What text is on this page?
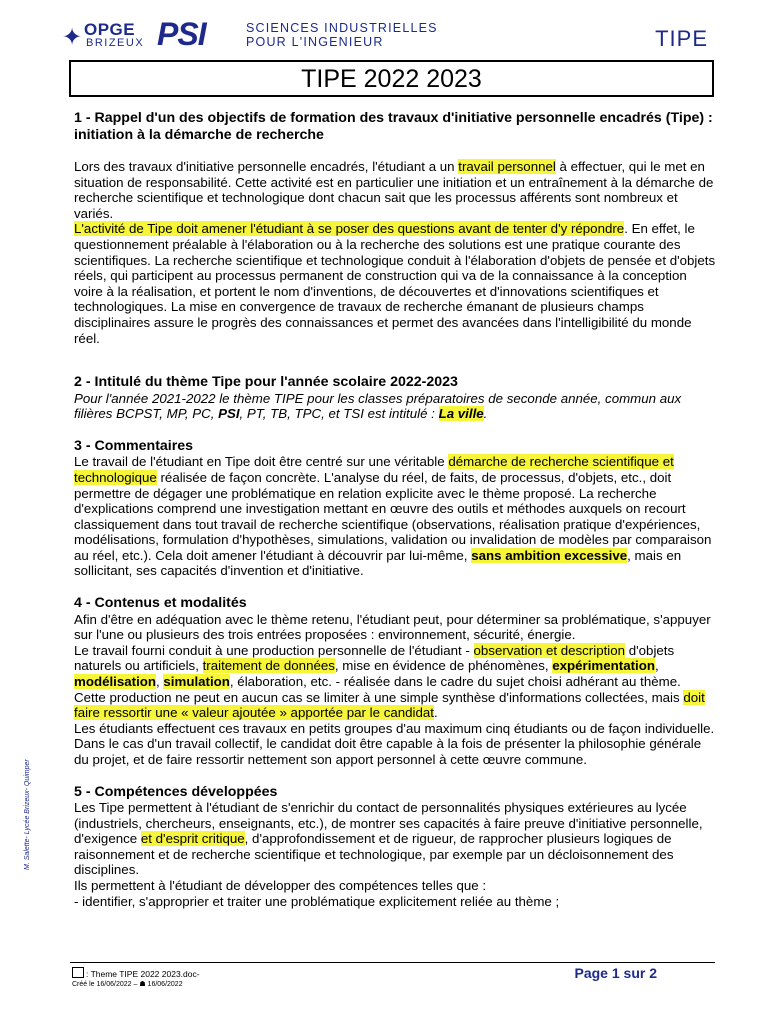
✦ OPGE
BRIZEUX PSI	SCIENCES INDUSTRIELLES
POUR L'INGENIEUR	TIPE
TIPE 2022 2023
1 - Rappel d'un des objectifs de formation des travaux d'initiative personnelle encadrés (Tipe) : initiation à la démarche de recherche

Lors des travaux d'initiative personnelle encadrés, l'étudiant a un travail personnel à effectuer, qui le met en situation de responsabilité. Cette activité est en particulier une initiation et un entraînement à la démarche de recherche scientifique et technologique dont chacun sait que les processus afférents sont nombreux et variés.

L'activité de Tipe doit amener l'étudiant à se poser des questions avant de tenter d'y répondre. En effet, le questionnement préalable à l'élaboration ou à la recherche des solutions est une pratique courante des scientifiques. La recherche scientifique et technologique conduit à l'élaboration d'objets de pensée et d'objets réels, qui participent au processus permanent de construction qui va de la connaissance à la conception voire à la réalisation, et portent le nom d'inventions, de découvertes et d'innovations scientifiques et technologiques. La mise en convergence de travaux de recherche émanant de plusieurs champs disciplinaires assure le progrès des connaissances et permet des avancées dans l'intelligibilité du monde réel.

2 - Intitulé du thème Tipe pour l'année scolaire 2022-2023

Pour l'année 2021-2022 le thème TIPE pour les classes préparatoires de seconde année, commun aux filières BCPST, MP, PC, PSI, PT, TB, TPC, et TSI est intitulé : La ville.

3 - Commentaires

Le travail de l'étudiant en Tipe doit être centré sur une véritable démarche de recherche scientifique et technologique réalisée de façon concrète. L'analyse du réel, de faits, de processus, d'objets, etc., doit permettre de dégager une problématique en relation explicite avec le thème proposé. La recherche d'explications comprend une investigation mettant en œuvre des outils et méthodes auxquels on recourt classiquement dans tout travail de recherche scientifique (observations, réalisation pratique d'expériences, modélisations, formulation d'hypothèses, simulations, validation ou invalidation de modèles par comparaison au réel, etc.). Cela doit amener l'étudiant à découvrir par lui-même, sans ambition excessive, mais en sollicitant, ses capacités d'invention et d'initiative.

4 - Contenus et modalités

Afin d'être en adéquation avec le thème retenu, l'étudiant peut, pour déterminer sa problématique, s'appuyer sur l'une ou plusieurs des trois entrées proposées : environnement, sécurité, énergie.

Le travail fourni conduit à une production personnelle de l'étudiant - observation et description d'objets naturels ou artificiels, traitement de données, mise en évidence de phénomènes, expérimentation, modélisation, simulation, élaboration, etc. - réalisée dans le cadre du sujet choisi adhérant au thème.

Cette production ne peut en aucun cas se limiter à une simple synthèse d'informations collectées, mais doit faire ressortir une « valeur ajoutée » apportée par le candidat.

Les étudiants effectuent ces travaux en petits groupes d'au maximum cinq étudiants ou de façon individuelle. Dans le cas d'un travail collectif, le candidat doit être capable à la fois de présenter la philosophie générale du projet, et de faire ressortir nettement son apport personnel à cette œuvre commune.

5 - Compétences développées

Les Tipe permettent à l'étudiant de s'enrichir du contact de personnalités physiques extérieures au lycée (industriels, chercheurs, enseignants, etc.), de montrer ses capacités à faire preuve d'initiative personnelle, d'exigence et d'esprit critique, d'approfondissement et de rigueur, de rapprocher plusieurs logiques de raisonnement et de recherche scientifique et technologique, par exemple par un décloisonnement des disciplines.

Ils permettent à l'étudiant de développer des compétences telles que :

- identifier, s'approprier et traiter une problématique explicitement reliée au thème ;

M. Salette- Lycée Brizeux- Quimper
: Theme TIPE 2022 2023.doc-
Créé le 16/06/2022 – ☗ 16/06/2022
Page 1 sur 2
